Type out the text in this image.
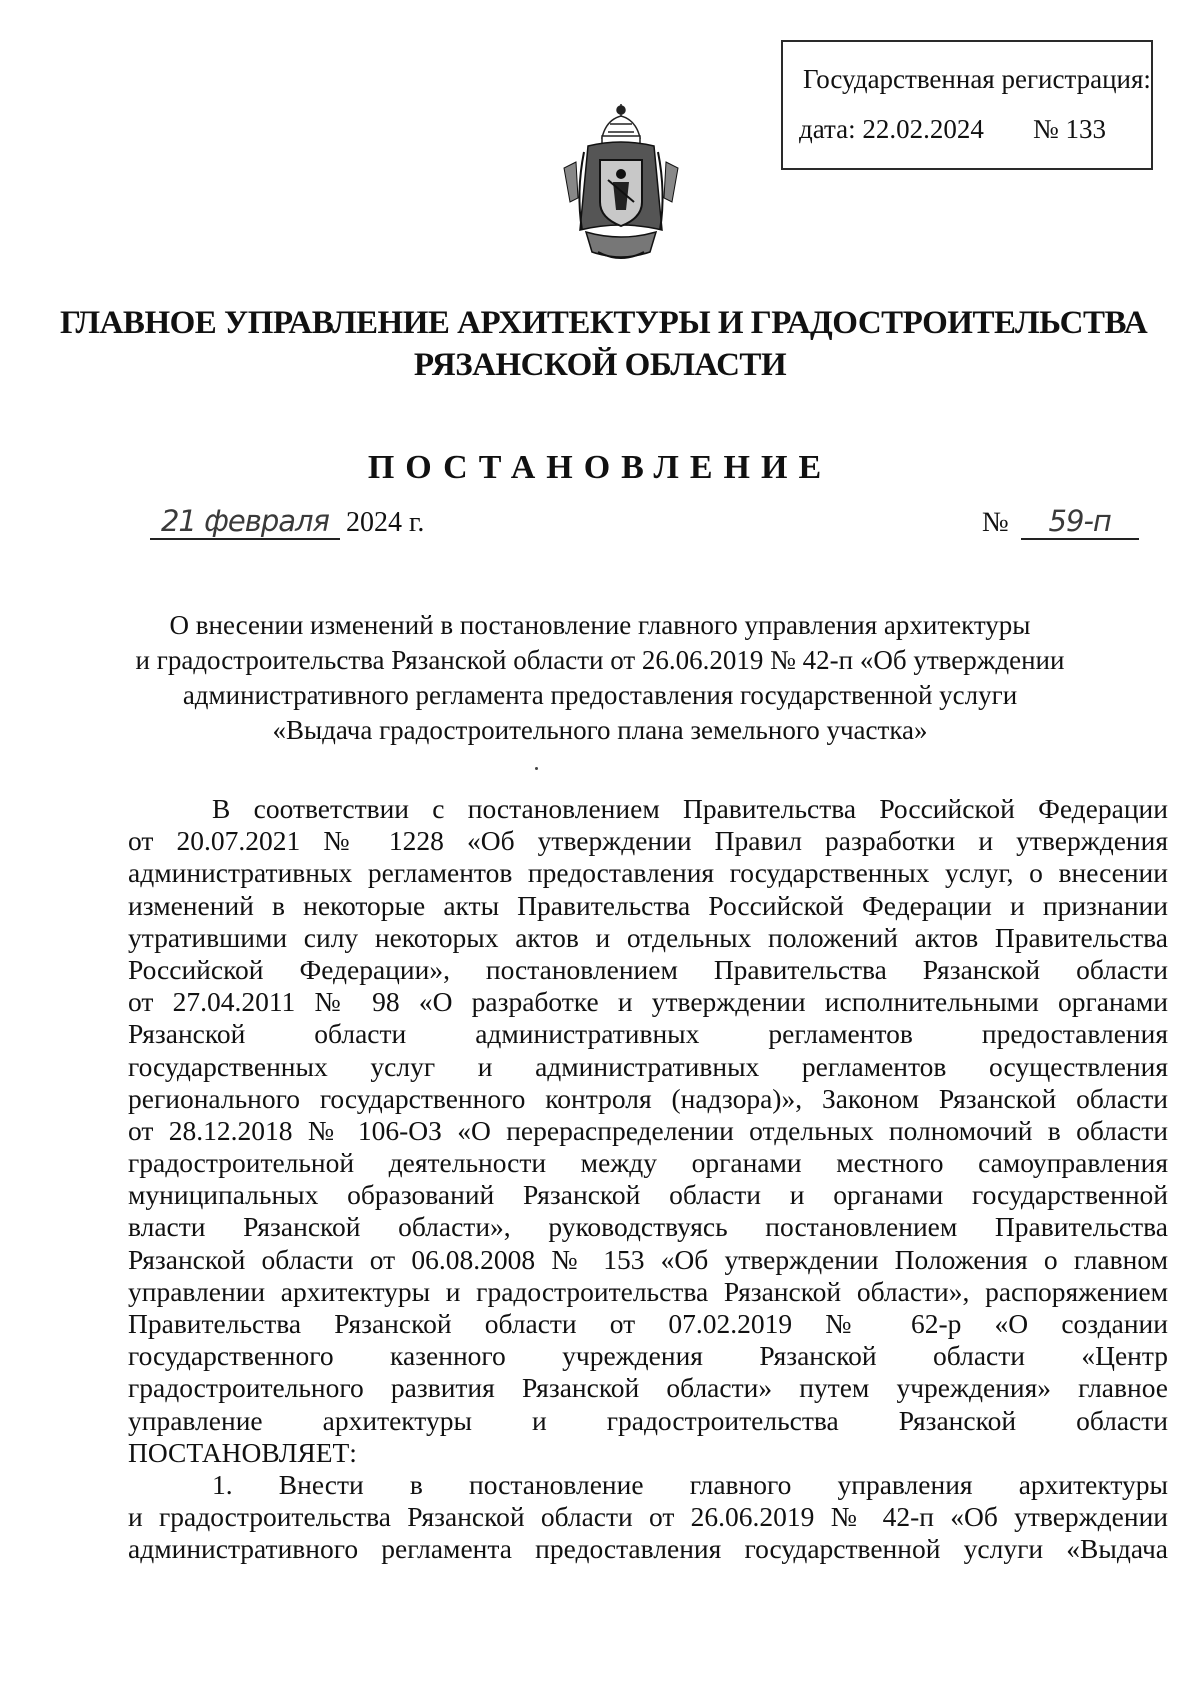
Государственная регистрация:
дата: 22.02.2024 № 133
ГЛАВНОЕ УПРАВЛЕНИЕ АРХИТЕКТУРЫ И ГРАДОСТРОИТЕЛЬСТВА
РЯЗАНСКОЙ ОБЛАСТИ
ПОСТАНОВЛЕНИЕ
21 февраля 2024 г.	№ 59-п

О внесении изменений в постановление главного управления архитектуры

и градостроительства Рязанской области от 26.06.2019 № 42-п «Об утверждении

административного регламента предоставления государственной услуги

«Выдача градостроительного плана земельного участка»

В соответствии с постановлением Правительства Российской Федерации
от 20.07.2021 № 1228 «Об утверждении Правил разработки и утверждения
административных регламентов предоставления государственных услуг, о внесении
изменений в некоторые акты Правительства Российской Федерации и признании
утратившими силу некоторых актов и отдельных положений актов Правительства
Российской Федерации», постановлением Правительства Рязанской области
от 27.04.2011 № 98 «О разработке и утверждении исполнительными органами
Рязанской области административных регламентов предоставления
государственных услуг и административных регламентов осуществления
регионального государственного контроля (надзора)», Законом Рязанской области
от 28.12.2018 № 106-ОЗ «О перераспределении отдельных полномочий в области
градостроительной деятельности между органами местного самоуправления
муниципальных образований Рязанской области и органами государственной
власти Рязанской области», руководствуясь постановлением Правительства
Рязанской области от 06.08.2008 № 153 «Об утверждении Положения о главном
управлении архитектуры и градостроительства Рязанской области», распоряжением
Правительства Рязанской области от 07.02.2019 № 62-р «О создании
государственного казенного учреждения Рязанской области «Центр
градостроительного развития Рязанской области» путем учреждения» главное
управление архитектуры и градостроительства Рязанской области
ПОСТАНОВЛЯЕТ:
1. Внести в постановление главного управления архитектуры
и градостроительства Рязанской области от 26.06.2019 № 42-п «Об утверждении
административного регламента предоставления государственной услуги «Выдача
